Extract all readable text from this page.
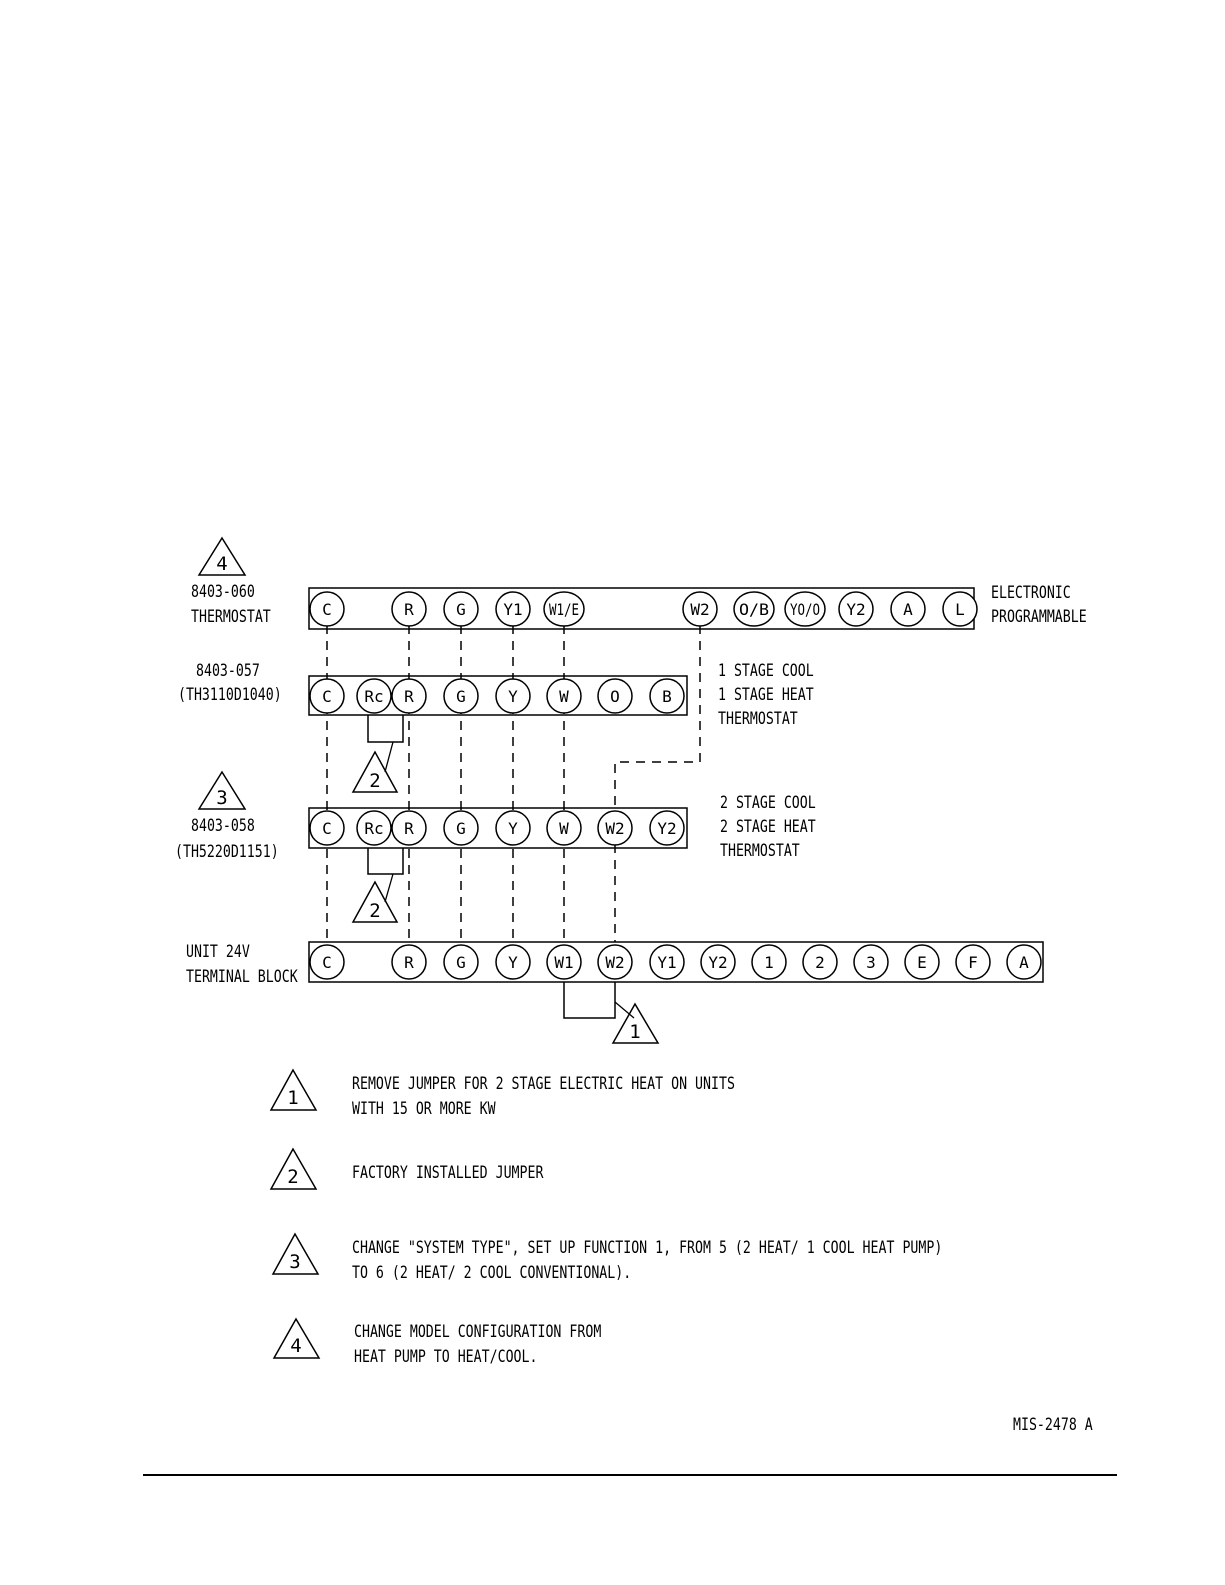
4
8403-060
THERMOSTAT	C	R	G Y1 W1/E	W2 O/B YO/O Y2 A	L
ELECTRONIC
PROGRAMMABLE
8403-057
(TH3110D1040)	C Rc R	G	Y	W	O	B
1 STAGE COOL
1 STAGE HEAT
THERMOSTAT
2
3
8403-058
(TH5220D1151)
C Rc R	G	Y	W W2 Y2
2 STAGE COOL
2 STAGE HEAT
THERMOSTAT
2
UNIT 24V
TERMINAL BLOCK
C	R	G	Y W1 W2 Y1 Y2 1	2	3	E	F	A
1
1
REMOVE JUMPER FOR 2 STAGE ELECTRIC HEAT ON UNITS
WITH 15 OR MORE KW
2	FACTORY INSTALLED JUMPER
3
CHANGE "SYSTEM TYPE", SET UP FUNCTION 1, FROM 5 (2 HEAT/ 1 COOL HEAT PUMP)
TO 6 (2 HEAT/ 2 COOL CONVENTIONAL).
4
CHANGE MODEL CONFIGURATION FROM
HEAT PUMP TO HEAT/COOL.
MIS-2478 A
